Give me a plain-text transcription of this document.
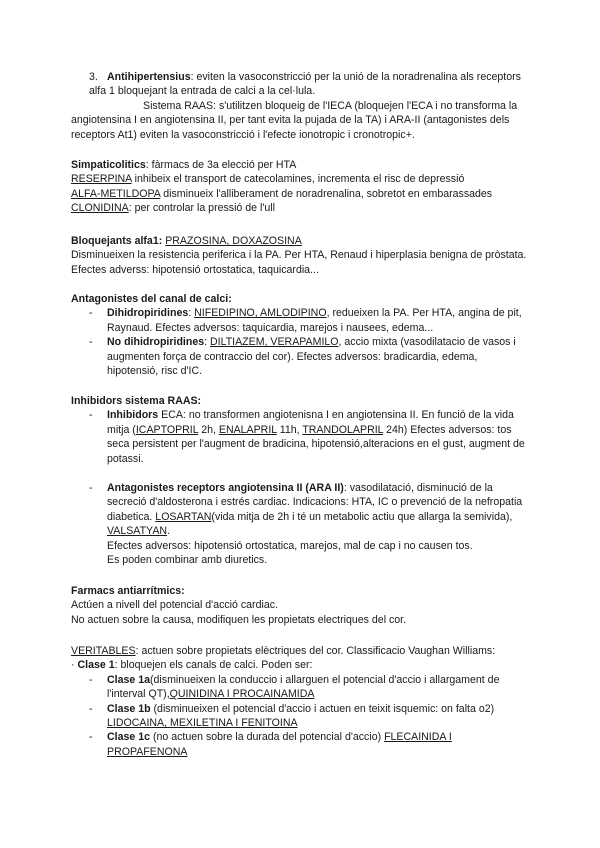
3. Antihipertensius: eviten la vasoconstricció per la unió de la noradrenalina als receptors alfa 1 bloquejant la entrada de calci a la cel·lula.

Sistema RAAS: s'utilitzen bloqueig de l'IECA (bloquejen l'ECA i no transforma la angiotensina I en angiotensina II, per tant evita la pujada de la TA) i ARA-II (antagonistes dels receptors At1) eviten la vasoconstricció i l'efecte ionotropic i cronotropic+.

Simpaticolitics: fàrmacs de 3a elecció per HTA

RESERPINA inhibeix el transport de catecolamines, incrementa el risc de depressió

ALFA-METILDOPA disminueix l'alliberament de noradrenalina, sobretot en embarassades

CLONIDINA: per controlar la pressió de l'ull

Bloquejants alfa1: PRAZOSINA, DOXAZOSINA

Disminueixen la resistencia periferica i la PA. Per HTA, Renaud i hiperplasia benigna de pròstata. Efectes adverss: hipotensió ortostatica, taquicardia...

Antagonistes del canal de calci:

- Dihidropiridines: NIFEDIPINO, AMLODIPINO, redueixen la PA. Per HTA, angina de pit, Raynaud. Efectes adversos: taquicardia, marejos i nausees, edema...
- No dihidropiridines: DILTIAZEM, VERAPAMILO, accio mixta (vasodilatacio de vasos i augmenten força de contraccio del cor). Efectes adversos: bradicardia, edema, hipotensió, risc d'IC.

Inhibidors sistema RAAS:

- Inhibidors ECA: no transformen angiotenisna I en angiotensina II. En funció de la vida mitja (ICAPTOPRIL 2h, ENALAPRIL 11h, TRANDOLAPRIL 24h) Efectes adversos: tos seca persistent per l'augment de bradicina, hipotensió,alteracions en el gust, augment de potassi.
- Antagonistes receptors angiotensina II (ARA II): vasodilatació, disminució de la secreció d'aldosterona i estrés cardiac. Indicacions: HTA, IC o prevenció de la nefropatia diabetica. LOSARTAN(vida mitja de 2h i té un metabolic actiu que allarga la semivida), VALSATYAN.

Efectes adversos: hipotensió ortostatica, marejos, mal de cap i no causen tos.

Es poden combinar amb diuretics.

Farmacs antiarrítmics:

Actúen a nivell del potencial d'acció cardiac.

No actuen sobre la causa, modifiquen les propietats electriques del cor.

VERITABLES: actuen sobre propietats elèctriques del cor. Classificacio Vaughan Williams:

· Clase 1: bloquejen els canals de calci. Poden ser:

- Clase 1a(disminueixen la conduccio i allarguen el potencial d'accio i allargament de l'interval QT),QUINIDINA I PROCAINAMIDA
- Clase 1b (disminueixen el potencial d'accio i actuen en teixit isquemic: on falta o2) LIDOCAINA, MEXILETINA I FENITOINA
- Clase 1c (no actuen sobre la durada del potencial d'accio) FLECAINIDA I PROPAFENONA
